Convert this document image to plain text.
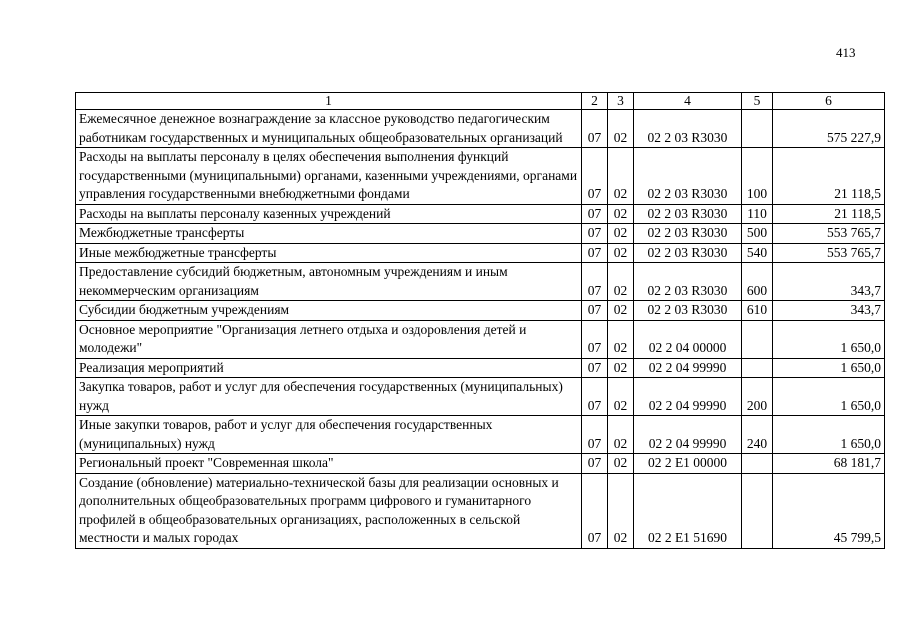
413
1	2	3	4	5	6
Ежемесячное денежное вознаграждение за классное руководство педагогическим работникам государственных и муниципальных общеобразовательных организаций	07	02	02 2 03 R3030		575 227,9
Расходы на выплаты персоналу в целях обеспечения выполнения функций государственными (муниципальными) органами, казенными учреждениями, органами управления государственными внебюджетными фондами	07	02	02 2 03 R3030	100	21 118,5
Расходы на выплаты персоналу казенных учреждений	07	02	02 2 03 R3030	110	21 118,5
Межбюджетные трансферты	07	02	02 2 03 R3030	500	553 765,7
Иные межбюджетные трансферты	07	02	02 2 03 R3030	540	553 765,7
Предоставление субсидий бюджетным, автономным учреждениям и иным некоммерческим организациям	07	02	02 2 03 R3030	600	343,7
Субсидии бюджетным учреждениям	07	02	02 2 03 R3030	610	343,7
Основное мероприятие "Организация летнего отдыха и оздоровления детей и молодежи"	07	02	02 2 04 00000		1 650,0
Реализация мероприятий	07	02	02 2 04 99990		1 650,0
Закупка товаров, работ и услуг для обеспечения государственных (муниципальных) нужд	07	02	02 2 04 99990	200	1 650,0
Иные закупки товаров, работ и услуг для обеспечения государственных (муниципальных) нужд	07	02	02 2 04 99990	240	1 650,0
Региональный проект "Современная школа"	07	02	02 2 E1 00000		68 181,7
Создание (обновление) материально-технической базы для реализации основных и дополнительных общеобразовательных программ цифрового и гуманитарного профилей в общеобразовательных организациях, расположенных в сельской местности и малых городах	07	02	02 2 E1 51690		45 799,5
